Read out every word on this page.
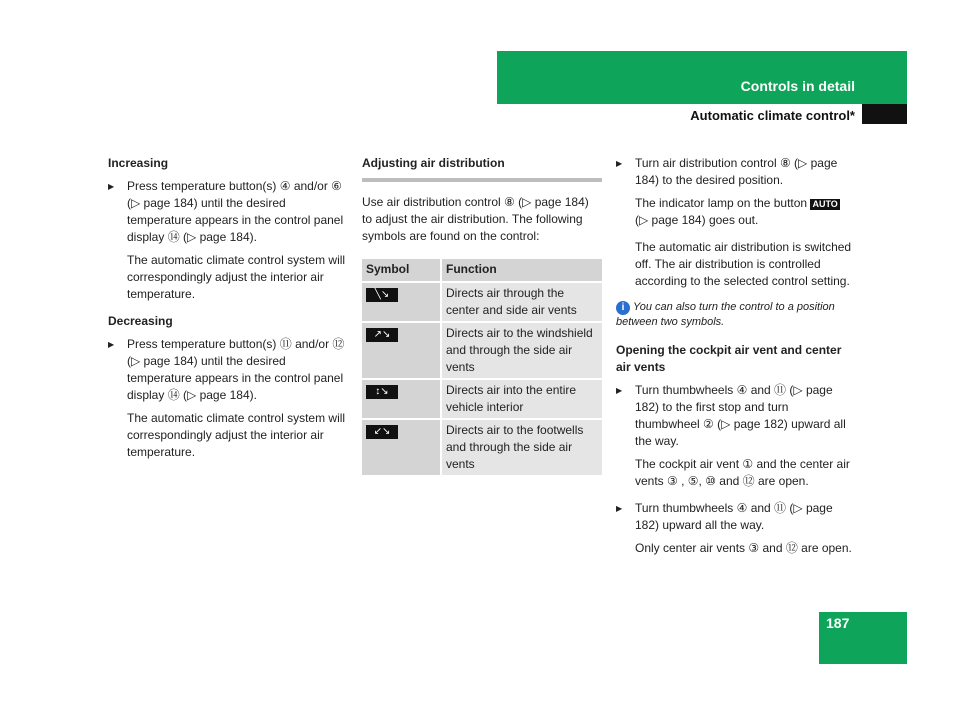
Controls in detail
Automatic climate control*

Increasing

▶ Press temperature button(s) ④ and/or ⑥ (▷ page 184) until the desired temperature appears in the control panel display ⑭ (▷ page 184).

The automatic climate control system will correspondingly adjust the interior air temperature.

Decreasing

▶ Press temperature button(s) ⑪ and/or ⑫ (▷ page 184) until the desired temperature appears in the control panel display ⑭ (▷ page 184).

The automatic climate control system will correspondingly adjust the interior air temperature.

Adjusting air distribution

Use air distribution control ⑧ (▷ page 184) to adjust the air distribution. The following symbols are found on the control:

Symbol	Function
╲↘	Directs air through the center and side air vents
↗↘	Directs air to the windshield and through the side air vents
↕↘	Directs air into the entire vehicle interior
↙↘	Directs air to the footwells and through the side air vents

▶ Turn air distribution control ⑧ (▷ page 184) to the desired position.

The indicator lamp on the button AUTO (▷ page 184) goes out.

The automatic air distribution is switched off. The air distribution is controlled according to the selected control setting.

i You can also turn the control to a position between two symbols.

Opening the cockpit air vent and center air vents

▶ Turn thumbwheels ④ and ⑪ (▷ page 182) to the first stop and turn thumbwheel ② (▷ page 182) upward all the way.

The cockpit air vent ① and the center air vents ③ , ⑤, ⑩ and ⑫ are open.

▶ Turn thumbwheels ④ and ⑪ (▷ page 182) upward all the way.

Only center air vents ③ and ⑫ are open.

187
